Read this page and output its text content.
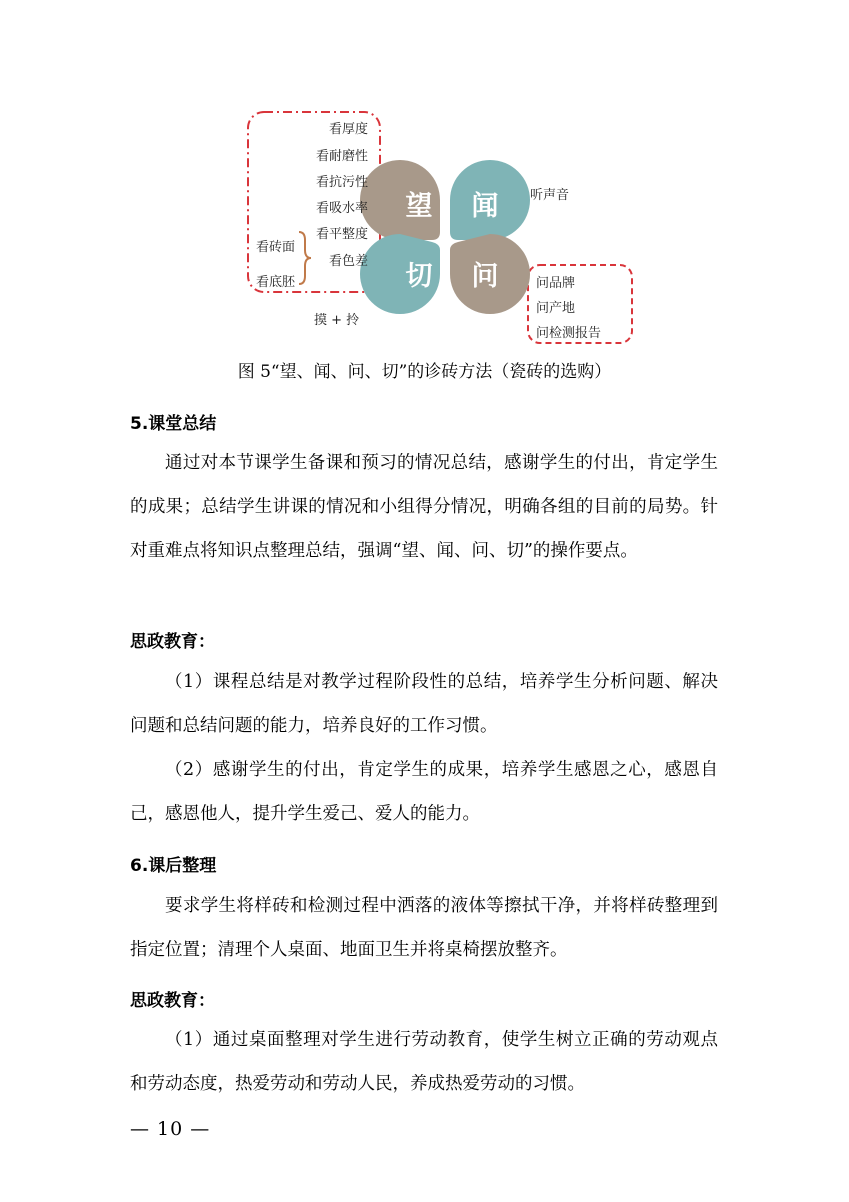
看厚度
看耐磨性
看抗污性
看吸水率
看平整度
看色差
看砖面
看底胚
摸 + 拎
望	闻
切	问
听声音
问品牌
问产地
问检测报告
图 5“望、闻、问、切”的诊砖方法（瓷砖的选购）
5.课堂总结
通过对本节课学生备课和预习的情况总结，感谢学生的付出，肯定学生的成果；总结学生讲课的情况和小组得分情况，明确各组的目前的局势。针对重难点将知识点整理总结，强调“望、闻、问、切”的操作要点。
思政教育：
（1）课程总结是对教学过程阶段性的总结，培养学生分析问题、解决问题和总结问题的能力，培养良好的工作习惯。
（2）感谢学生的付出，肯定学生的成果，培养学生感恩之心，感恩自己，感恩他人，提升学生爱己、爱人的能力。
6.课后整理
要求学生将样砖和检测过程中洒落的液体等擦拭干净，并将样砖整理到指定位置；清理个人桌面、地面卫生并将桌椅摆放整齐。
思政教育：
（1）通过桌面整理对学生进行劳动教育，使学生树立正确的劳动观点和劳动态度，热爱劳动和劳动人民，养成热爱劳动的习惯。
— 10 —
